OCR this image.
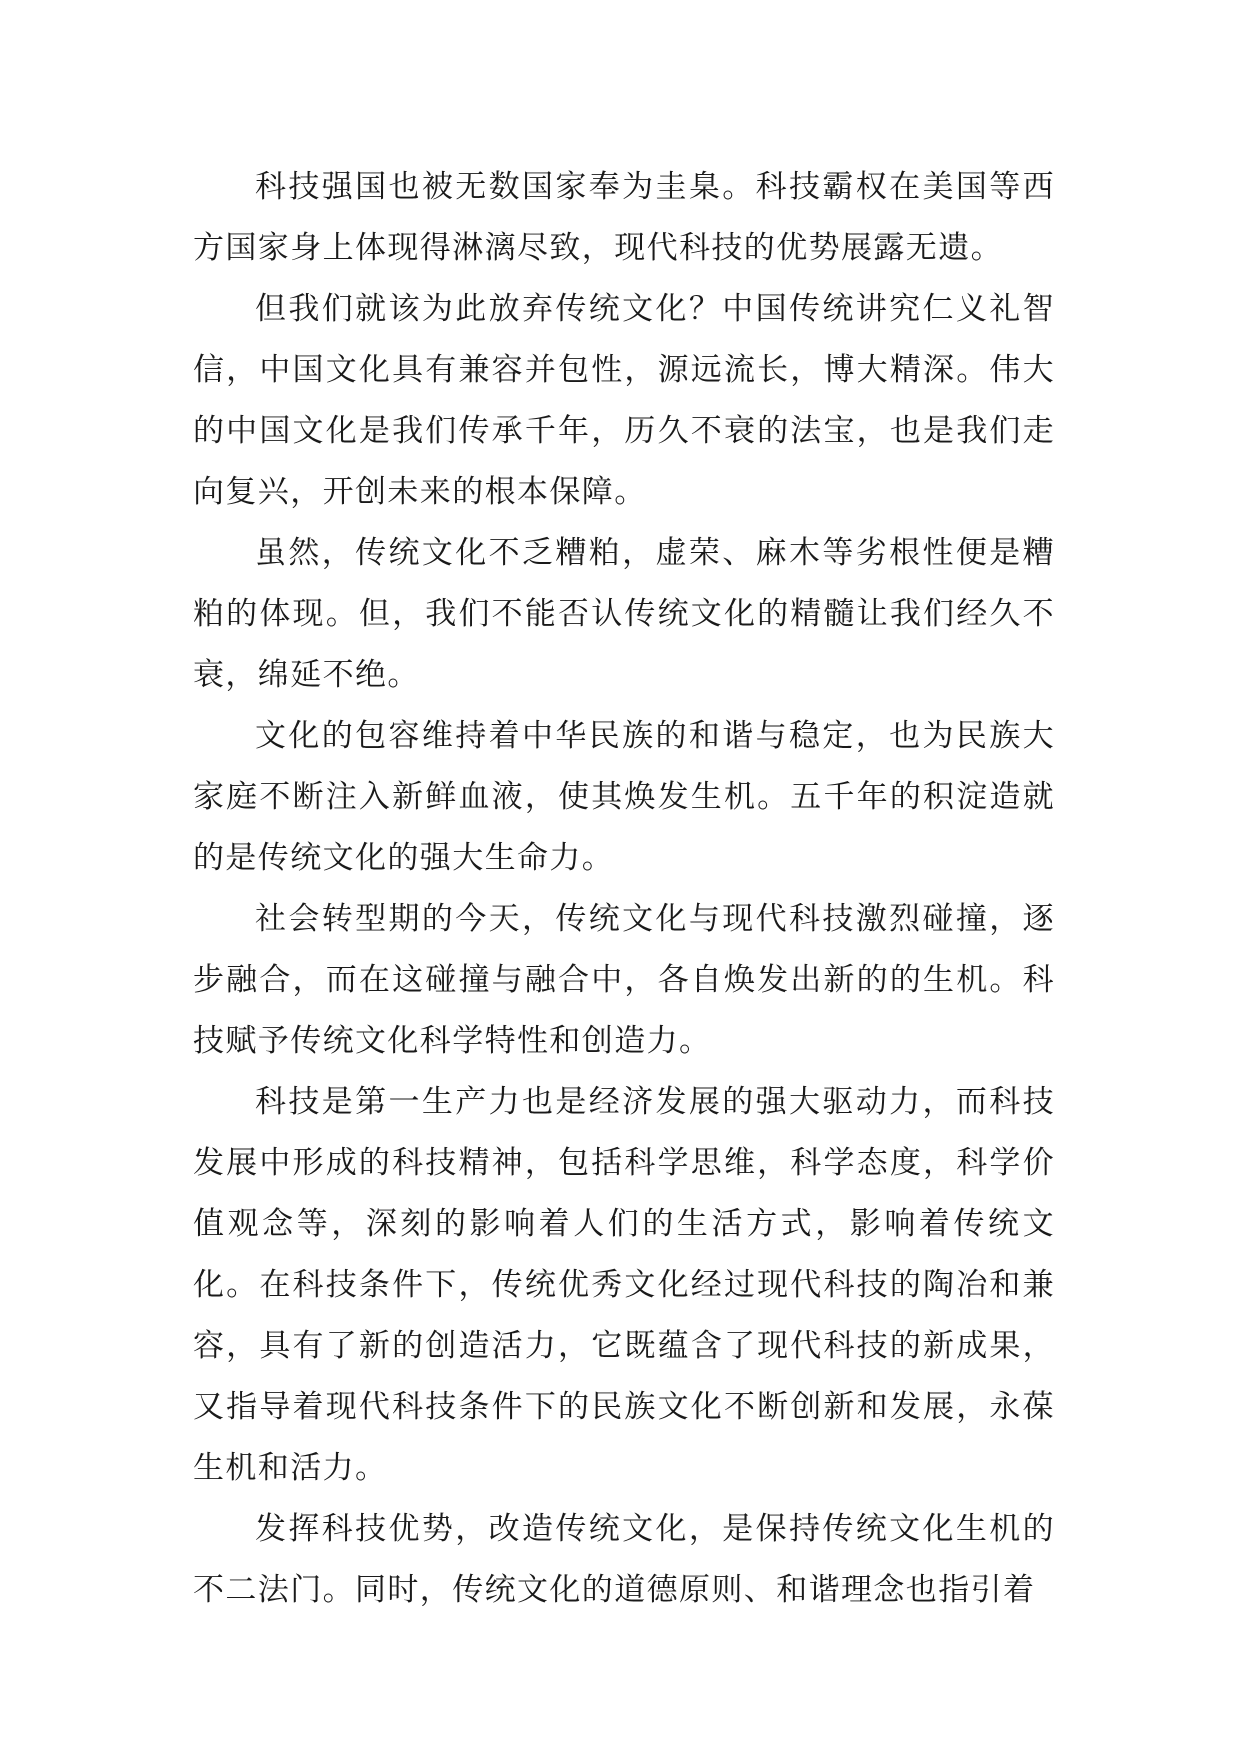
科技强国也被无数国家奉为圭臬。科技霸权在美国等西方国家身上体现得淋漓尽致，现代科技的优势展露无遗。

但我们就该为此放弃传统文化？中国传统讲究仁义礼智信，中国文化具有兼容并包性，源远流长，博大精深。伟大的中国文化是我们传承千年，历久不衰的法宝，也是我们走向复兴，开创未来的根本保障。

虽然，传统文化不乏糟粕，虚荣、麻木等劣根性便是糟粕的体现。但，我们不能否认传统文化的精髓让我们经久不衰，绵延不绝。

文化的包容维持着中华民族的和谐与稳定，也为民族大家庭不断注入新鲜血液，使其焕发生机。五千年的积淀造就的是传统文化的强大生命力。

社会转型期的今天，传统文化与现代科技激烈碰撞，逐步融合，而在这碰撞与融合中，各自焕发出新的的生机。科技赋予传统文化科学特性和创造力。

科技是第一生产力也是经济发展的强大驱动力，而科技发展中形成的科技精神，包括科学思维，科学态度，科学价值观念等，深刻的影响着人们的生活方式，影响着传统文化。在科技条件下，传统优秀文化经过现代科技的陶冶和兼容，具有了新的创造活力，它既蕴含了现代科技的新成果，又指导着现代科技条件下的民族文化不断创新和发展，永葆生机和活力。

发挥科技优势，改造传统文化，是保持传统文化生机的不二法门。同时，传统文化的道德原则、和谐理念也指引着
